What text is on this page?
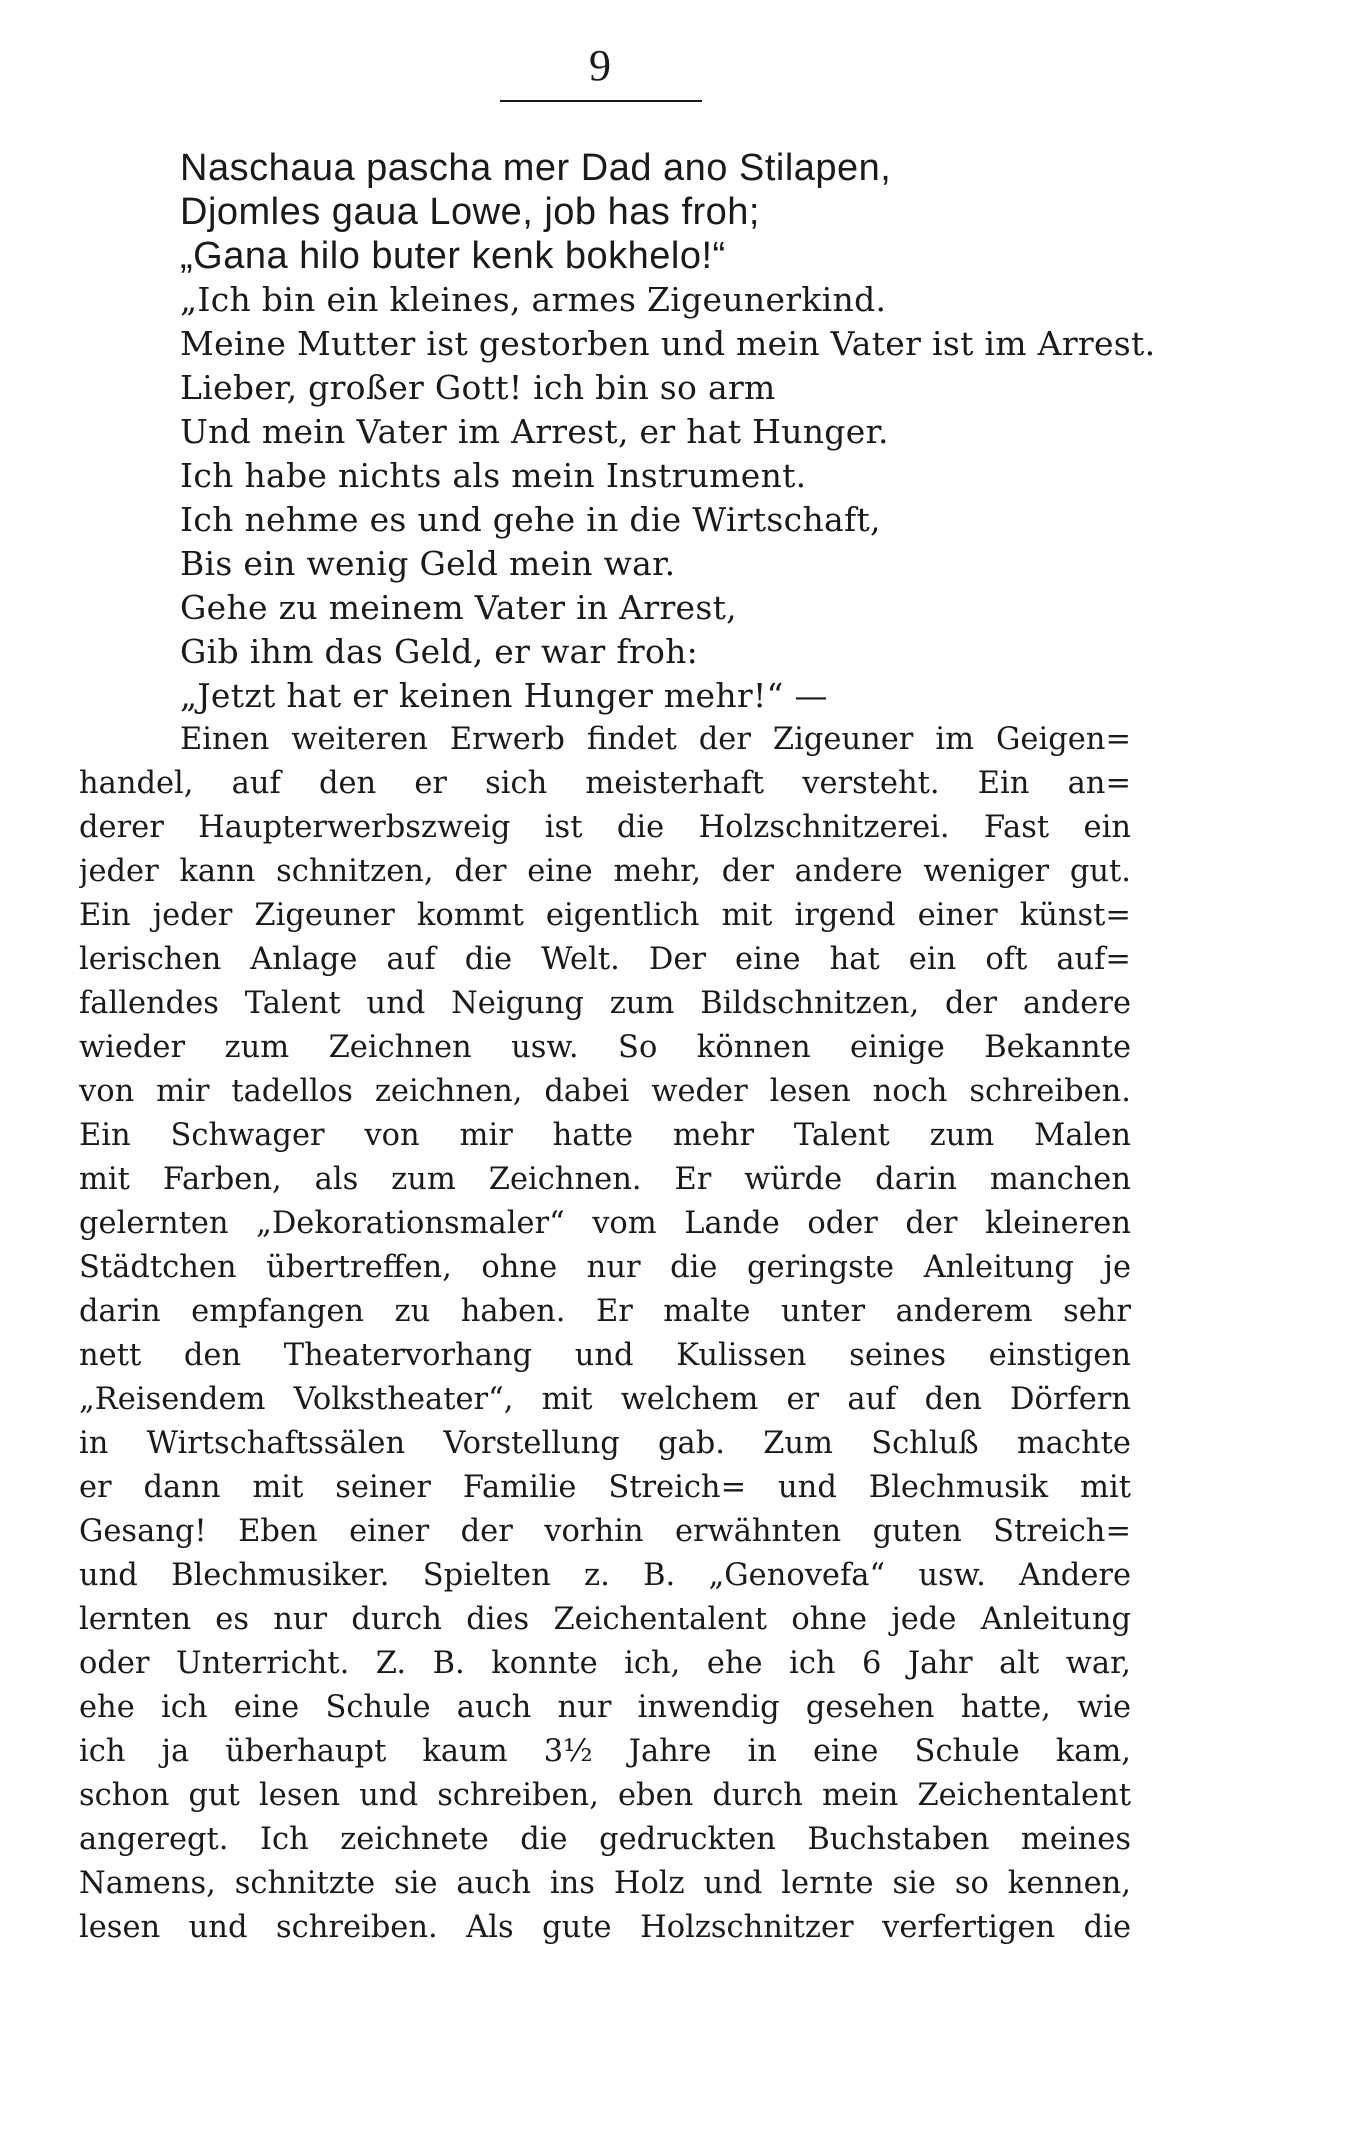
9
Naschaua pascha mer Dad ano Stilapen,
Djomles gaua Lowe, job has froh;
„Gana hilo buter kenk bokhelo!“
„Ich bin ein kleines, armes Zigeunerkind.
Meine Mutter ist gestorben und mein Vater ist im Arrest.
Lieber, großer Gott! ich bin so arm
Und mein Vater im Arrest, er hat Hunger.
Ich habe nichts als mein Instrument.
Ich nehme es und gehe in die Wirtschaft,
Bis ein wenig Geld mein war.
Gehe zu meinem Vater in Arrest,
Gib ihm das Geld, er war froh:
„Jetzt hat er keinen Hunger mehr!“ —
Einen weiteren Erwerb findet der Zigeuner im Geigen=
handel, auf den er sich meisterhaft versteht. Ein an=
derer Haupterwerbszweig ist die Holzschnitzerei. Fast ein
jeder kann schnitzen, der eine mehr, der andere weniger gut.
Ein jeder Zigeuner kommt eigentlich mit irgend einer künst=
lerischen Anlage auf die Welt. Der eine hat ein oft auf=
fallendes Talent und Neigung zum Bildschnitzen, der andere
wieder zum Zeichnen usw. So können einige Bekannte
von mir tadellos zeichnen, dabei weder lesen noch schreiben.
Ein Schwager von mir hatte mehr Talent zum Malen
mit Farben, als zum Zeichnen. Er würde darin manchen
gelernten „Dekorationsmaler“ vom Lande oder der kleineren
Städtchen übertreffen, ohne nur die geringste Anleitung je
darin empfangen zu haben. Er malte unter anderem sehr
nett den Theatervorhang und Kulissen seines einstigen
„Reisendem Volkstheater“, mit welchem er auf den Dörfern
in Wirtschaftssälen Vorstellung gab. Zum Schluß machte
er dann mit seiner Familie Streich= und Blechmusik mit
Gesang! Eben einer der vorhin erwähnten guten Streich=
und Blechmusiker. Spielten z. B. „Genovefa“ usw. Andere
lernten es nur durch dies Zeichentalent ohne jede Anleitung
oder Unterricht. Z. B. konnte ich, ehe ich 6 Jahr alt war,
ehe ich eine Schule auch nur inwendig gesehen hatte, wie
ich ja überhaupt kaum 3½ Jahre in eine Schule kam,
schon gut lesen und schreiben, eben durch mein Zeichentalent
angeregt. Ich zeichnete die gedruckten Buchstaben meines
Namens, schnitzte sie auch ins Holz und lernte sie so kennen,
lesen und schreiben. Als gute Holzschnitzer verfertigen die
